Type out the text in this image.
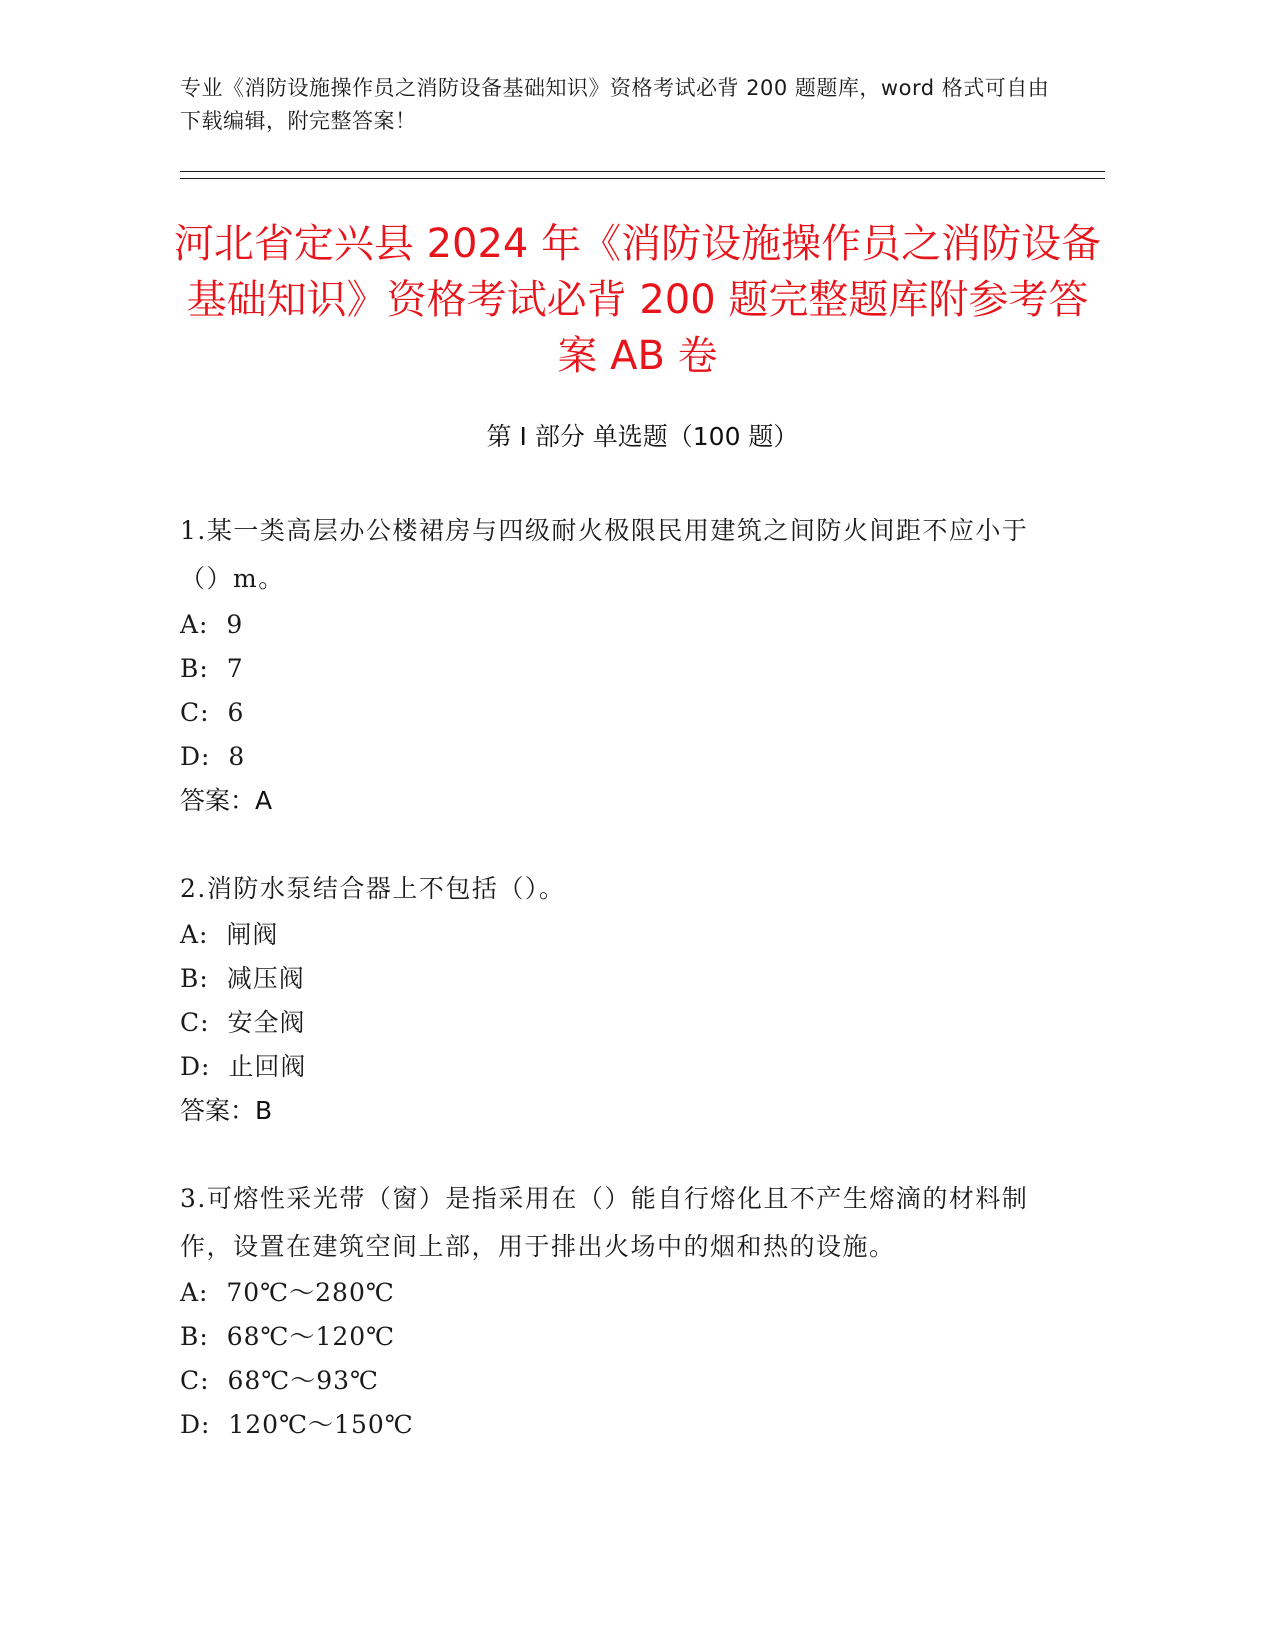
专业《消防设施操作员之消防设备基础知识》资格考试必背 200 题题库，word 格式可自由下载编辑，附完整答案！
河北省定兴县 2024 年《消防设施操作员之消防设备基础知识》资格考试必背 200 题完整题库附参考答案 AB 卷
第 I 部分 单选题（100 题）
1.某一类高层办公楼裙房与四级耐火极限民用建筑之间防火间距不应小于（）m。
A:  9
B:  7
C:  6
D:  8
答案：A
2.消防水泵结合器上不包括（）。
A:  闸阀
B:  减压阀
C:  安全阀
D:  止回阀
答案：B
3.可熔性采光带（窗）是指采用在（）能自行熔化且不产生熔滴的材料制作，设置在建筑空间上部，用于排出火场中的烟和热的设施。
A:  70℃～280℃
B:  68℃～120℃
C:  68℃～93℃
D:  120℃～150℃
